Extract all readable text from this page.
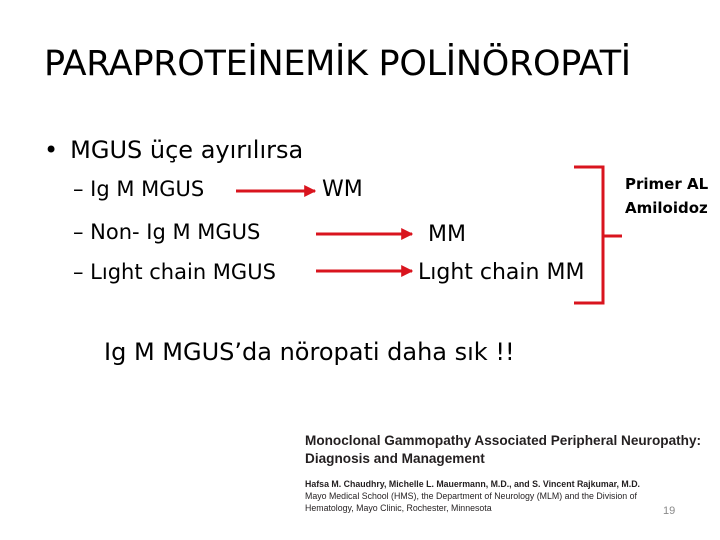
PARAPROTEİNEMİK POLİNÖROPATİ
• MGUS üçe ayırılırsa
– Ig M MGUS
– Non- Ig M MGUS
– Lıght chain MGUS
WM
MM
Lıght chain MM
Primer AL
Amiloidoz
Ig M MGUS’da nöropati daha sık !!
Monoclonal Gammopathy Associated Peripheral Neuropathy:
Diagnosis and Management
Hafsa M. Chaudhry, Michelle L. Mauermann, M.D., and S. Vincent Rajkumar, M.D.
Mayo Medical School (HMS), the Department of Neurology (MLM) and the Division of
Hematology, Mayo Clinic, Rochester, Minnesota	19
